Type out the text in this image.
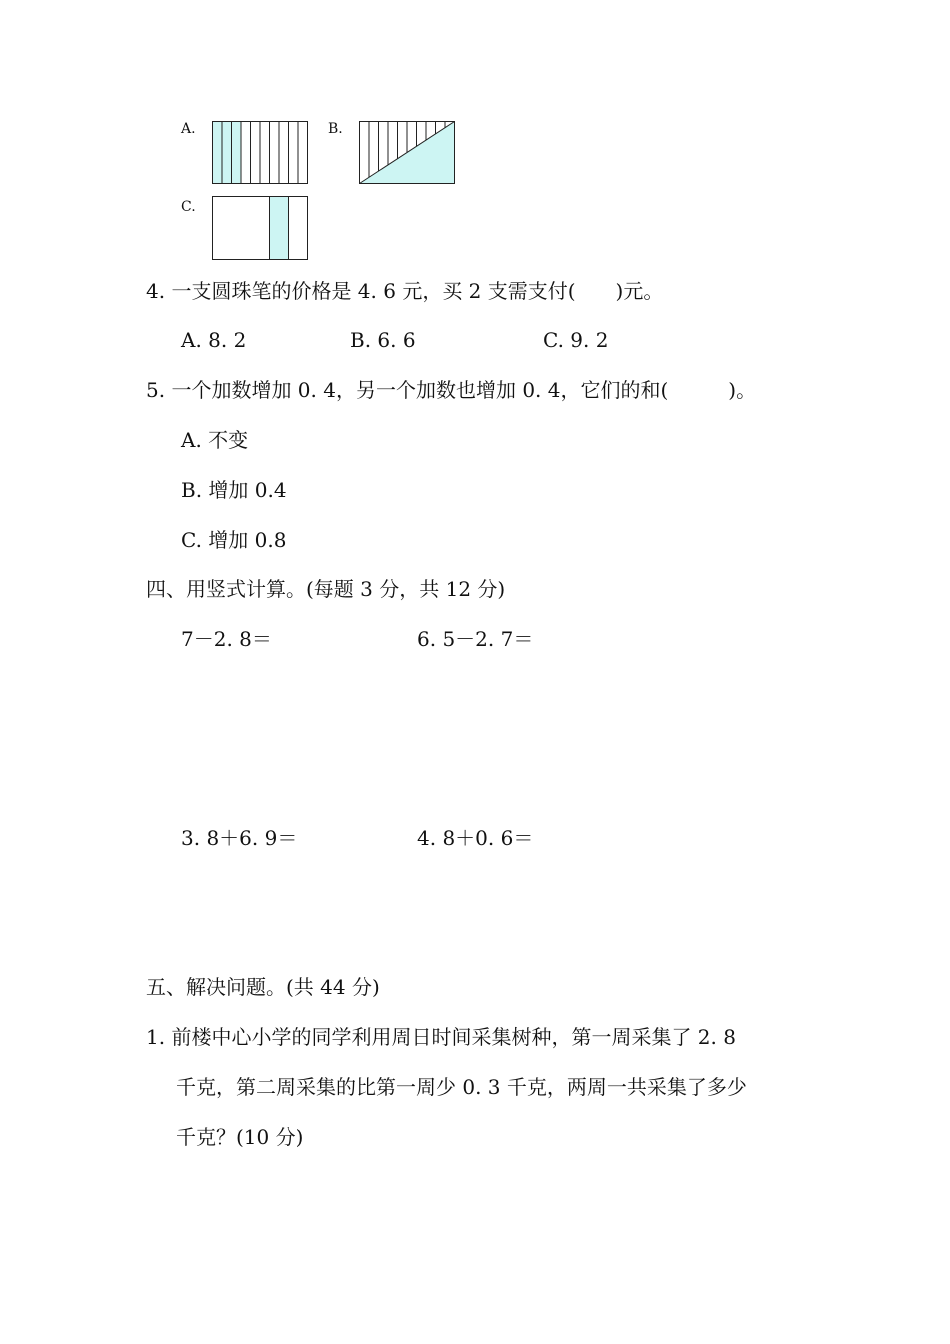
A.	B.
C.
4. 一支圆珠笔的价格是 4. 6 元，买 2 支需支付(　　)元。
A. 8. 2	B. 6. 6	C. 9. 2
5. 一个加数增加 0. 4，另一个加数也增加 0. 4，它们的和(　　　)。
A. 不变
B. 增加 0.4
C. 增加 0.8
四、用竖式计算。(每题 3 分，共 12 分)
7－2. 8＝	6. 5－2. 7＝
3. 8＋6. 9＝	4. 8＋0. 6＝
五、解决问题。(共 44 分)
1. 前楼中心小学的同学利用周日时间采集树种，第一周采集了 2. 8
千克，第二周采集的比第一周少 0. 3 千克，两周一共采集了多少
千克？(10 分)
